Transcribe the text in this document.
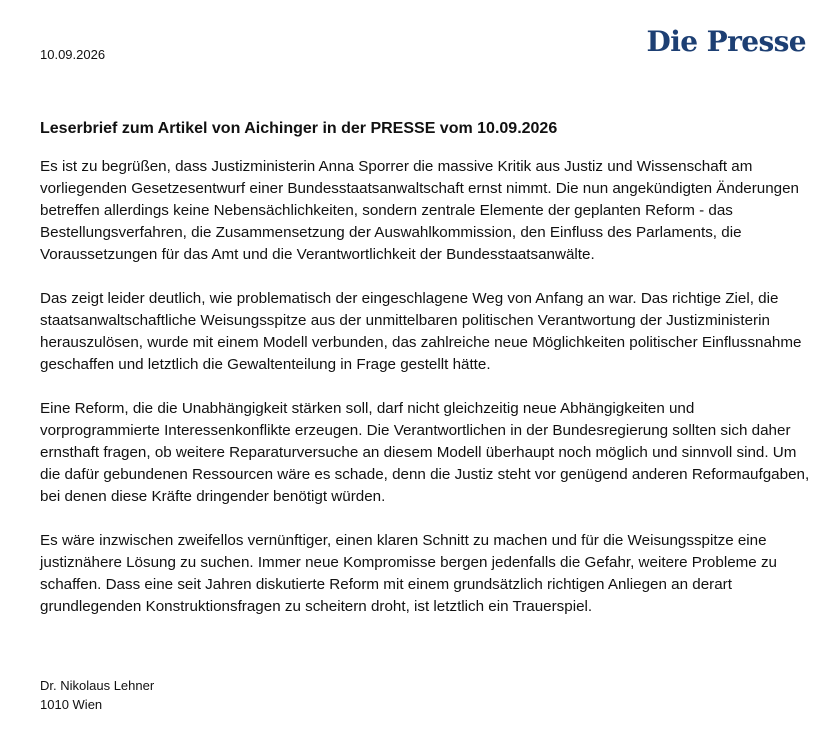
10.09.2026	Die Presse
Leserbrief zum Artikel von Aichinger in der PRESSE vom 10.09.2026

Es ist zu begrüßen, dass Justizministerin Anna Sporrer die massive Kritik aus Justiz und Wissenschaft am vorliegenden Gesetzesentwurf einer Bundesstaatsanwaltschaft ernst nimmt. Die nun angekündigten Änderungen betreffen allerdings keine Nebensächlichkeiten, sondern zentrale Elemente der geplanten Reform - das Bestellungsverfahren, die Zusammensetzung der Auswahlkommission, den Einfluss des Parlaments, die Voraussetzungen für das Amt und die Verantwortlichkeit der Bundesstaatsanwälte.

Das zeigt leider deutlich, wie problematisch der eingeschlagene Weg von Anfang an war. Das richtige Ziel, die staatsanwaltschaftliche Weisungsspitze aus der unmittelbaren politischen Verantwortung der Justizministerin herauszulösen, wurde mit einem Modell verbunden, das zahlreiche neue Möglichkeiten politischer Einflussnahme geschaffen und letztlich die Gewaltenteilung in Frage gestellt hätte.

Eine Reform, die die Unabhängigkeit stärken soll, darf nicht gleichzeitig neue Abhängigkeiten und vorprogrammierte Interessenkonflikte erzeugen. Die Verantwortlichen in der Bundesregierung sollten sich daher ernsthaft fragen, ob weitere Reparaturversuche an diesem Modell überhaupt noch möglich und sinnvoll sind. Um die dafür gebundenen Ressourcen wäre es schade, denn die Justiz steht vor genügend anderen Reformaufgaben, bei denen diese Kräfte dringender benötigt würden.

Es wäre inzwischen zweifellos vernünftiger, einen klaren Schnitt zu machen und für die Weisungsspitze eine justiznähere Lösung zu suchen. Immer neue Kompromisse bergen jedenfalls die Gefahr, weitere Probleme zu schaffen. Dass eine seit Jahren diskutierte Reform mit einem grundsätzlich richtigen Anliegen an derart grundlegenden Konstruktionsfragen zu scheitern droht, ist letztlich ein Trauerspiel.

Dr. Nikolaus Lehner
1010 Wien
